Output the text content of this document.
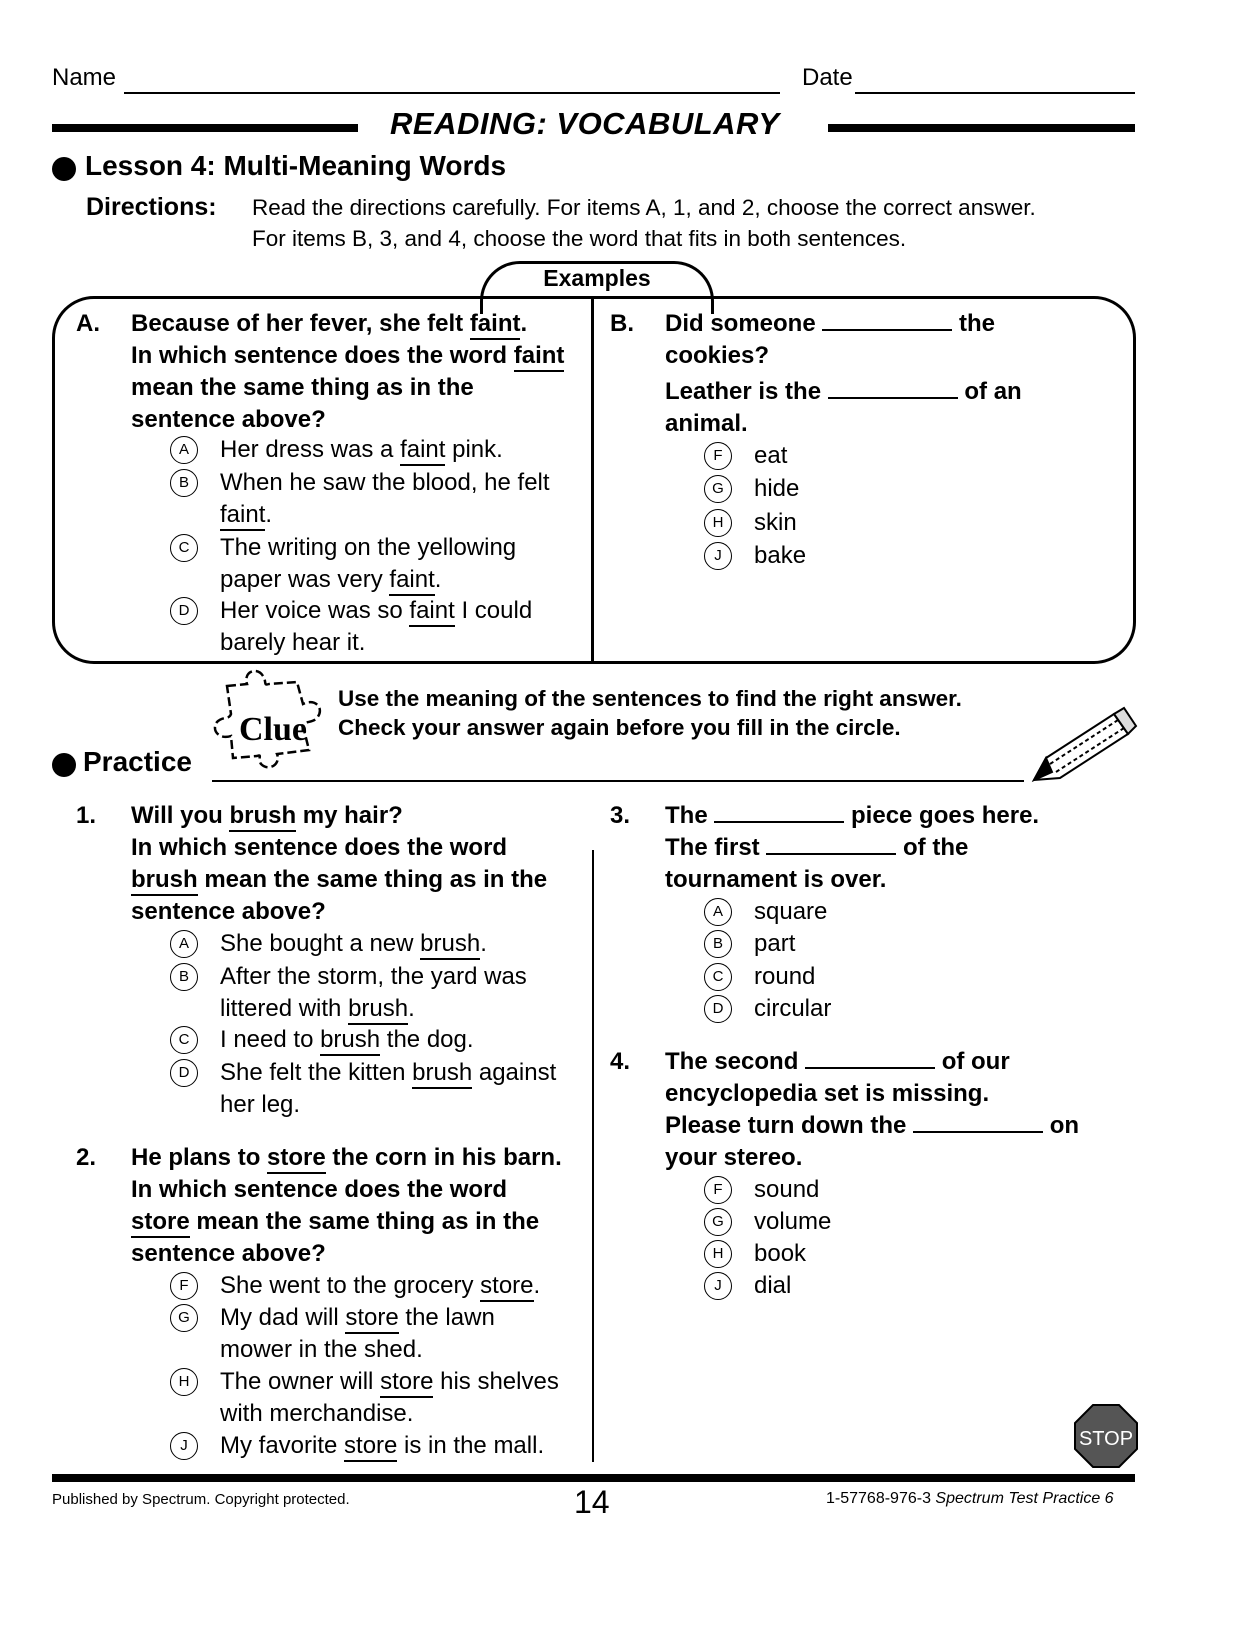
Name	Date
READING: VOCABULARY
Lesson 4: Multi-Meaning Words
Directions: Read the directions carefully. For items A, 1, and 2, choose the correct answer.
For items B, 3, and 4, choose the word that fits in both sentences.
Examples
A. Because of her fever, she felt faint.
In which sentence does the word faint
mean the same thing as in the
sentence above?
A	Her dress was a faint pink.
B	When he saw the blood, he felt
faint.
C	The writing on the yellowing
paper was very faint.
D	Her voice was so faint I could
barely hear it.
B. Did someone	the
cookies?
Leather is the	of an
animal.
F	eat
G	hide
H	skin
J	bake
Clue
Use the meaning of the sentences to find the right answer.
Check your answer again before you fill in the circle.
Practice
1. Will you brush my hair?
In which sentence does the word
brush mean the same thing as in the
sentence above?
A	She bought a new brush.
B	After the storm, the yard was
littered with brush.
C	I need to brush the dog.
D	She felt the kitten brush against
her leg.
2. He plans to store the corn in his barn.
In which sentence does the word
store mean the same thing as in the
sentence above?
F	She went to the grocery store.
G	My dad will store the lawn
mower in the shed.
H	The owner will store his shelves
with merchandise.
J	My favorite store is in the mall.
3. The	piece goes here.
The first	of the
tournament is over.
A	square
B	part
C	round
D	circular
4. The second	of our
encyclopedia set is missing.
Please turn down the	on
your stereo.
F	sound
G	volume
H	book
J	dial
STOP
Published by Spectrum. Copyright protected.	14	1-57768-976-3 Spectrum Test Practice 6
